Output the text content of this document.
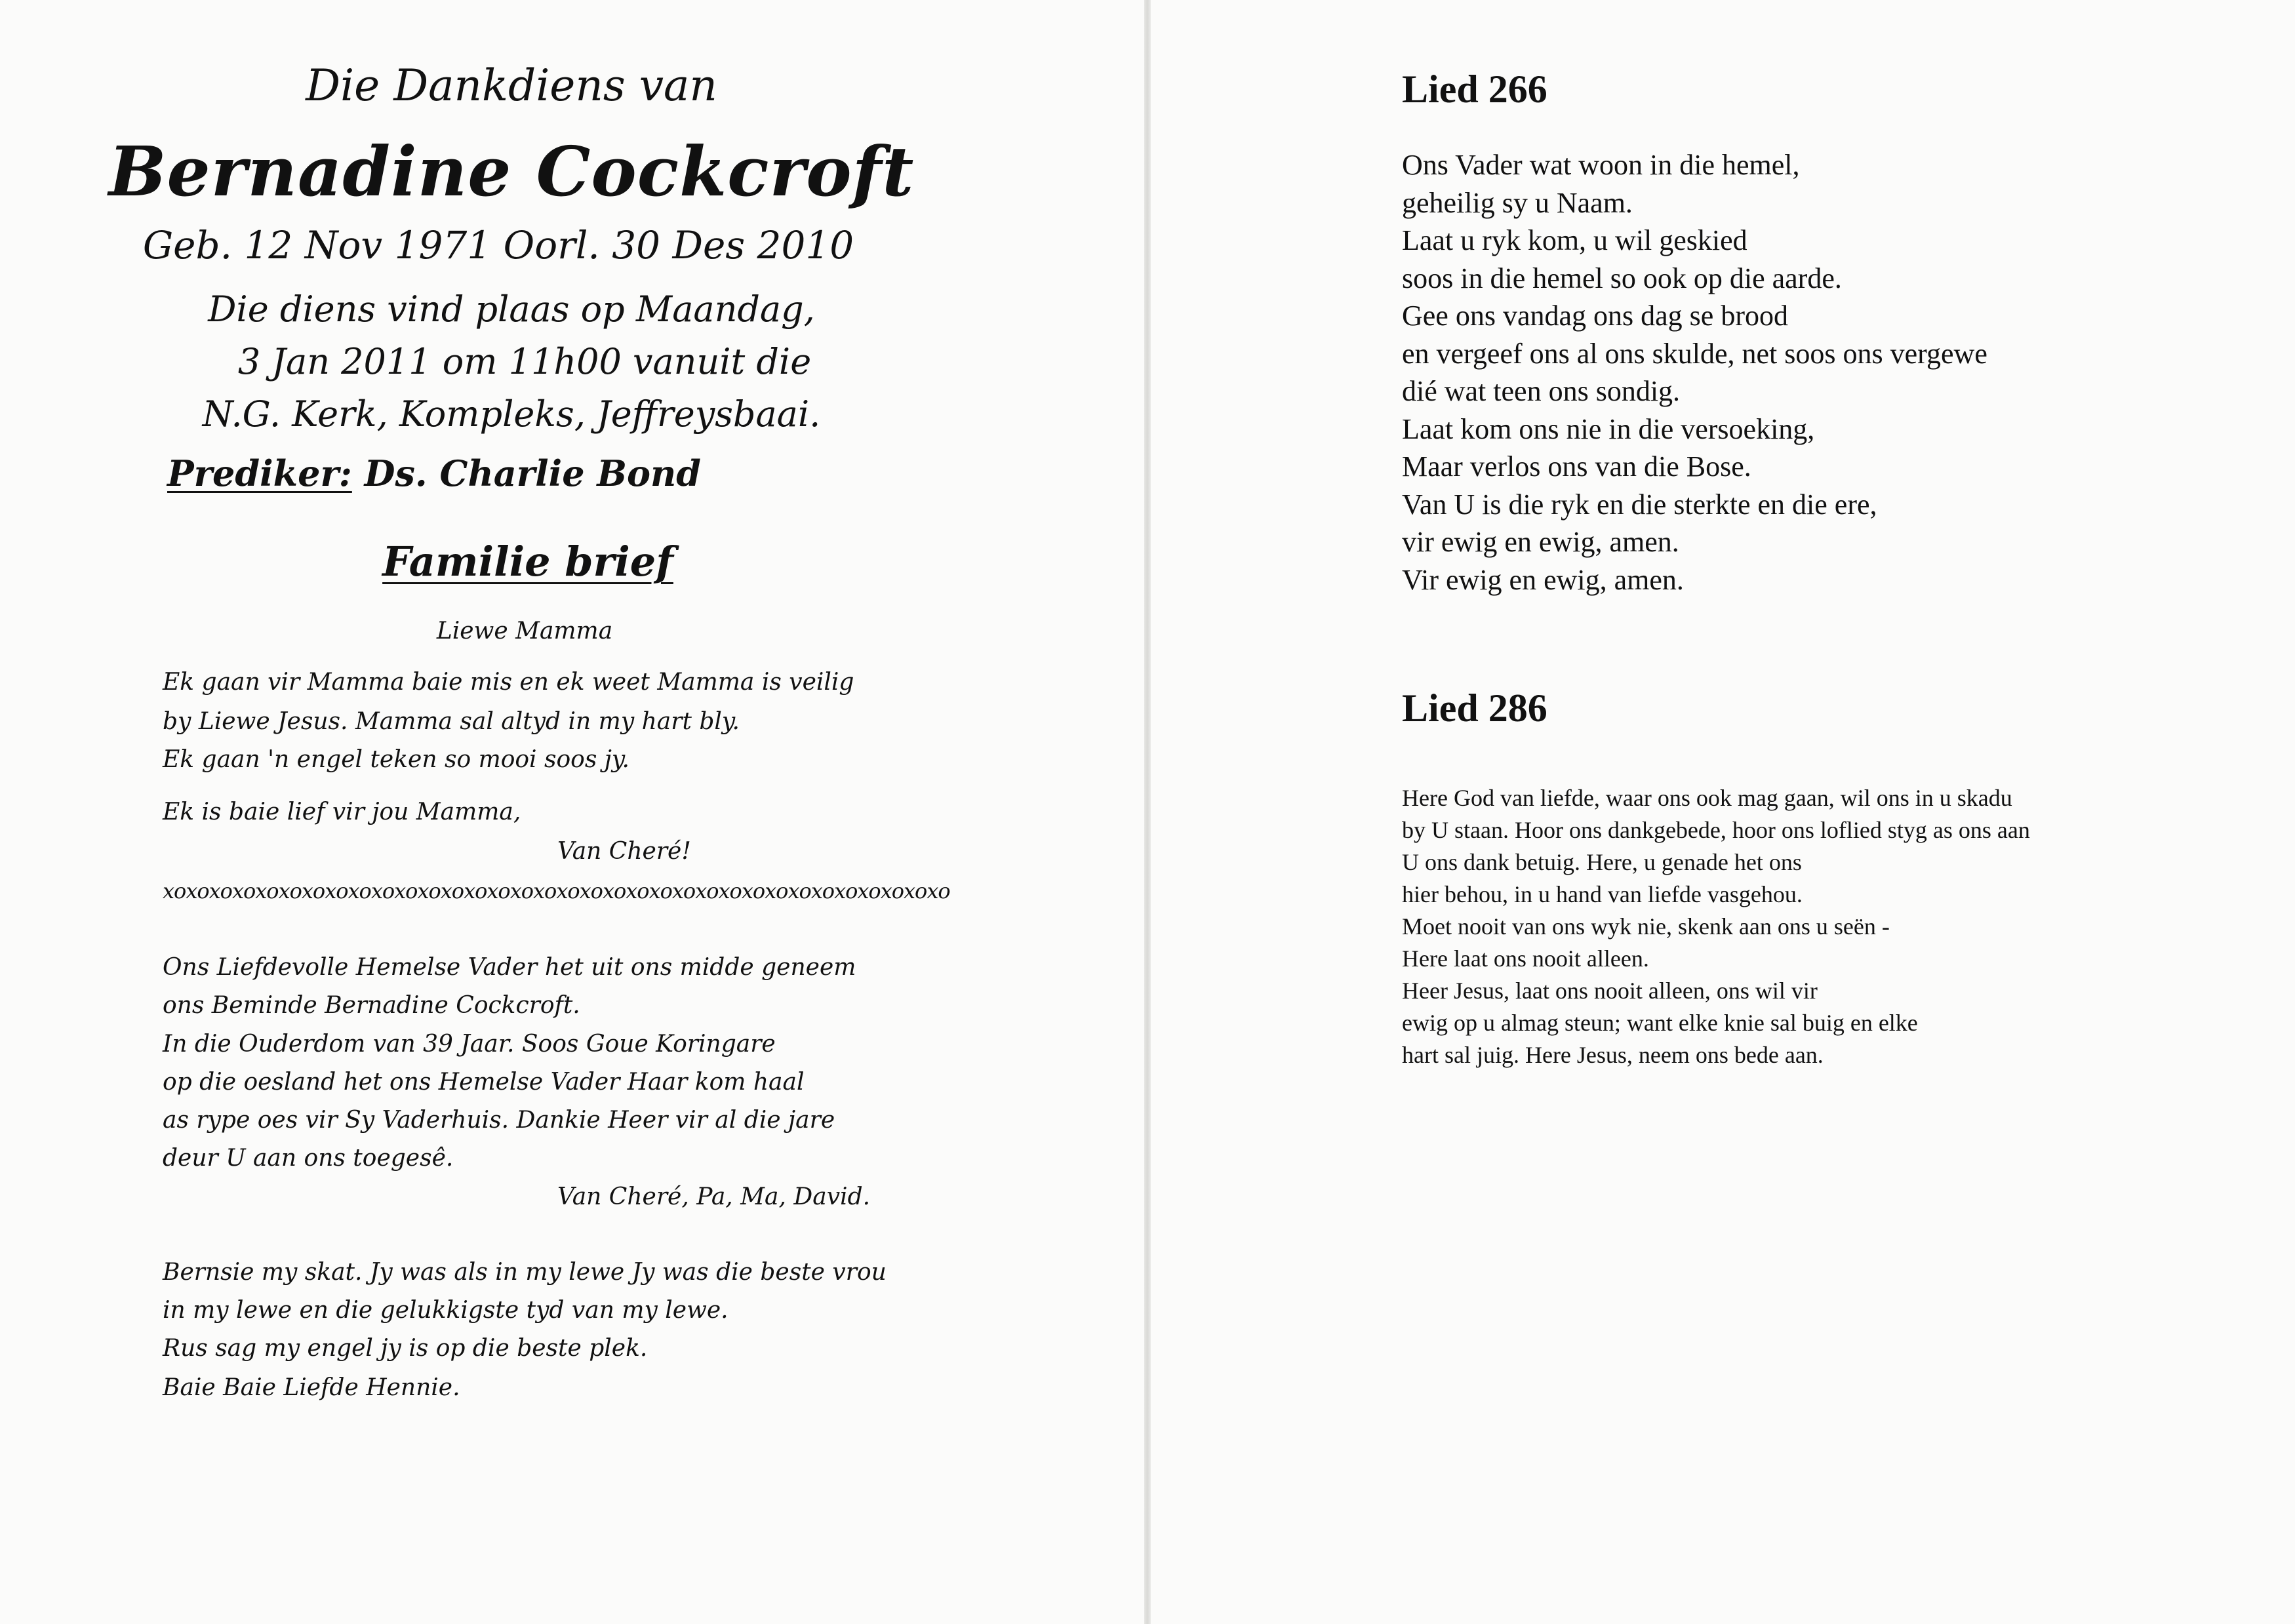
Die Dankdiens van
Bernadine Cockcroft
Geb. 12 Nov 1971 Oorl. 30 Des 2010
Die diens vind plaas op Maandag,
3 Jan 2011 om 11h00 vanuit die
N.G. Kerk, Kompleks, Jeffreysbaai.
Prediker: Ds. Charlie Bond
Familie brief
Liewe Mamma
Ek gaan vir Mamma baie mis en ek weet Mamma is veilig
by Liewe Jesus. Mamma sal altyd in my hart bly.
Ek gaan 'n engel teken so mooi soos jy.
Ek is baie lief vir jou Mamma,
Van Cheré!
xoxoxoxoxoxoxoxoxoxoxoxoxoxoxoxoxoxoxoxoxoxoxoxoxoxoxoxoxoxoxoxoxoxo
Ons Liefdevolle Hemelse Vader het uit ons midde geneem
ons Beminde Bernadine Cockcroft.
In die Ouderdom van 39 Jaar. Soos Goue Koringare
op die oesland het ons Hemelse Vader Haar kom haal
as rype oes vir Sy Vaderhuis. Dankie Heer vir al die jare
deur U aan ons toegesê.
Van Cheré, Pa, Ma, David.
Bernsie my skat. Jy was als in my lewe Jy was die beste vrou
in my lewe en die gelukkigste tyd van my lewe.
Rus sag my engel jy is op die beste plek.
Baie Baie Liefde Hennie.
Lied 266
Ons Vader wat woon in die hemel,
geheilig sy u Naam.
Laat u ryk kom, u wil geskied
soos in die hemel so ook op die aarde.
Gee ons vandag ons dag se brood
en vergeef ons al ons skulde, net soos ons vergewe
dié wat teen ons sondig.
Laat kom ons nie in die versoeking,
Maar verlos ons van die Bose.
Van U is die ryk en die sterkte en die ere,
vir ewig en ewig, amen.
Vir ewig en ewig, amen.
Lied 286
Here God van liefde, waar ons ook mag gaan, wil ons in u skadu
by U staan. Hoor ons dankgebede, hoor ons loflied styg as ons aan
U ons dank betuig. Here, u genade het ons
hier behou, in u hand van liefde vasgehou.
Moet nooit van ons wyk nie, skenk aan ons u seën -
Here laat ons nooit alleen.
Heer Jesus, laat ons nooit alleen, ons wil vir
ewig op u almag steun; want elke knie sal buig en elke
hart sal juig. Here Jesus, neem ons bede aan.
